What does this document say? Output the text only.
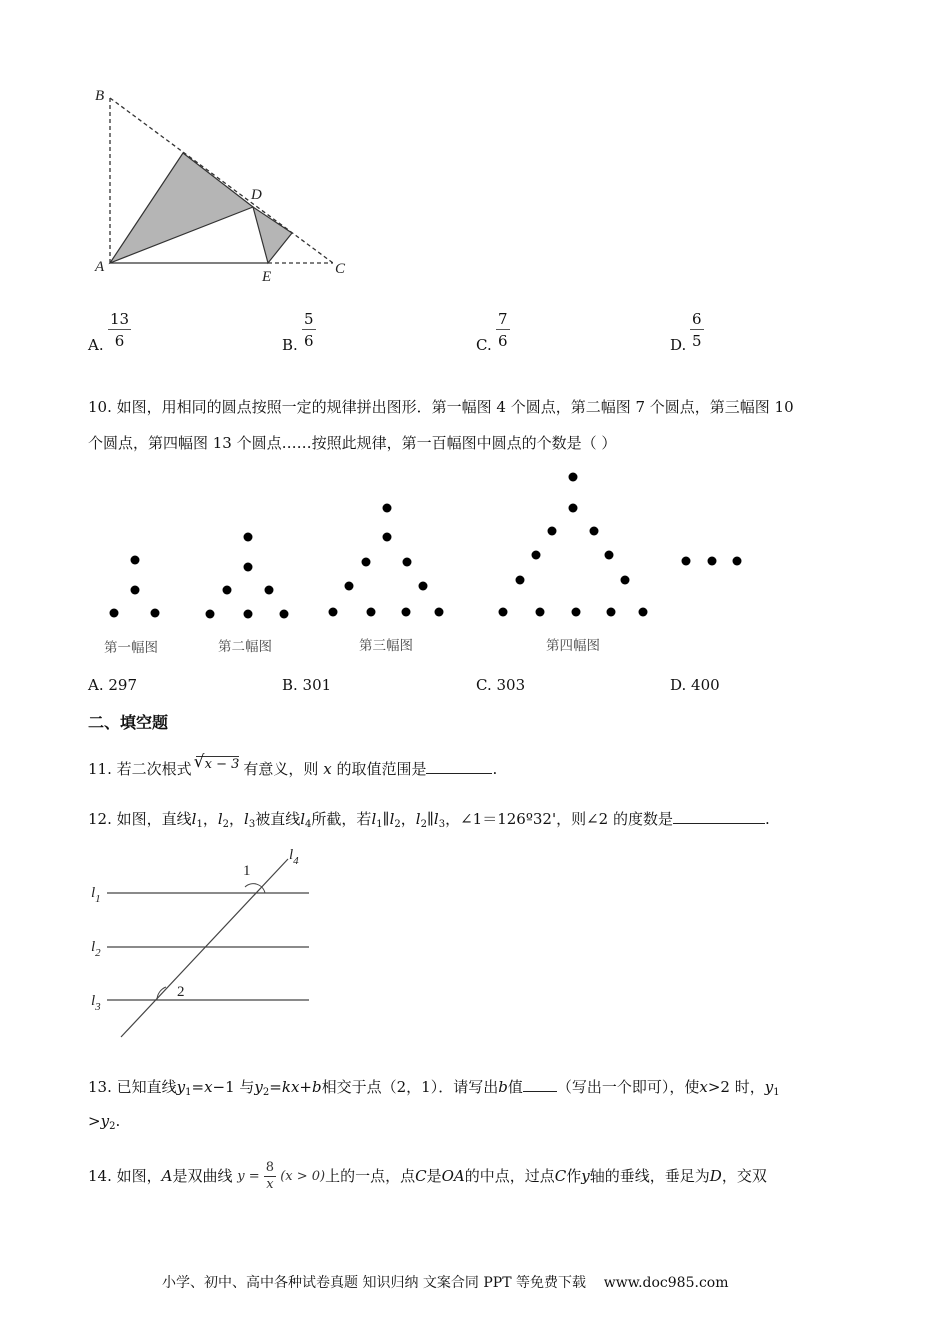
B
D
A
E	C
A. $\frac{13}{6}$	B. $\frac{5}{6}$	C. $\frac{7}{6}$	D. $\frac{6}{5}$
10. 如图，用相同的圆点按照一定的规律拼出图形．第一幅图 4 个圆点，第二幅图 7 个圆点，第三幅图 10
个圆点，第四幅图 13 个圆点……按照此规律，第一百幅图中圆点的个数是（ ）
第一幅图	第二幅图	第三幅图	第四幅图
A. 297	B. 301	C. 303	D. 400
二、填空题
11. 若二次根式√ x − 3 有意义，则 x 的取值范围是	.
12. 如图，直线$l_1$，$l_2$，$l_3$被直线$l_4$所截，若$l_1\parallel l_2$，$l_2\parallel l_3$，∠1＝126º32'，则∠2 的度数是	.
1
2
$l_1$
$l_2$
$l_3$
$l_4$
13. 已知直线$y_1=x-1$ 与$y_2=kx+b$相交于点（2，1）．请写出b值 （写出一个即可），使x>2 时，$y_1$
$>y_2$.
14. 如图，A是双曲线 $y = \frac{8}{x} (x > 0)$上的一点，点C是OA的中点，过点C作y轴的垂线，垂足为D，交双
小学、初中、高中各种试卷真题 知识归纳 文案合同 PPT 等免费下载 www.doc985.com
